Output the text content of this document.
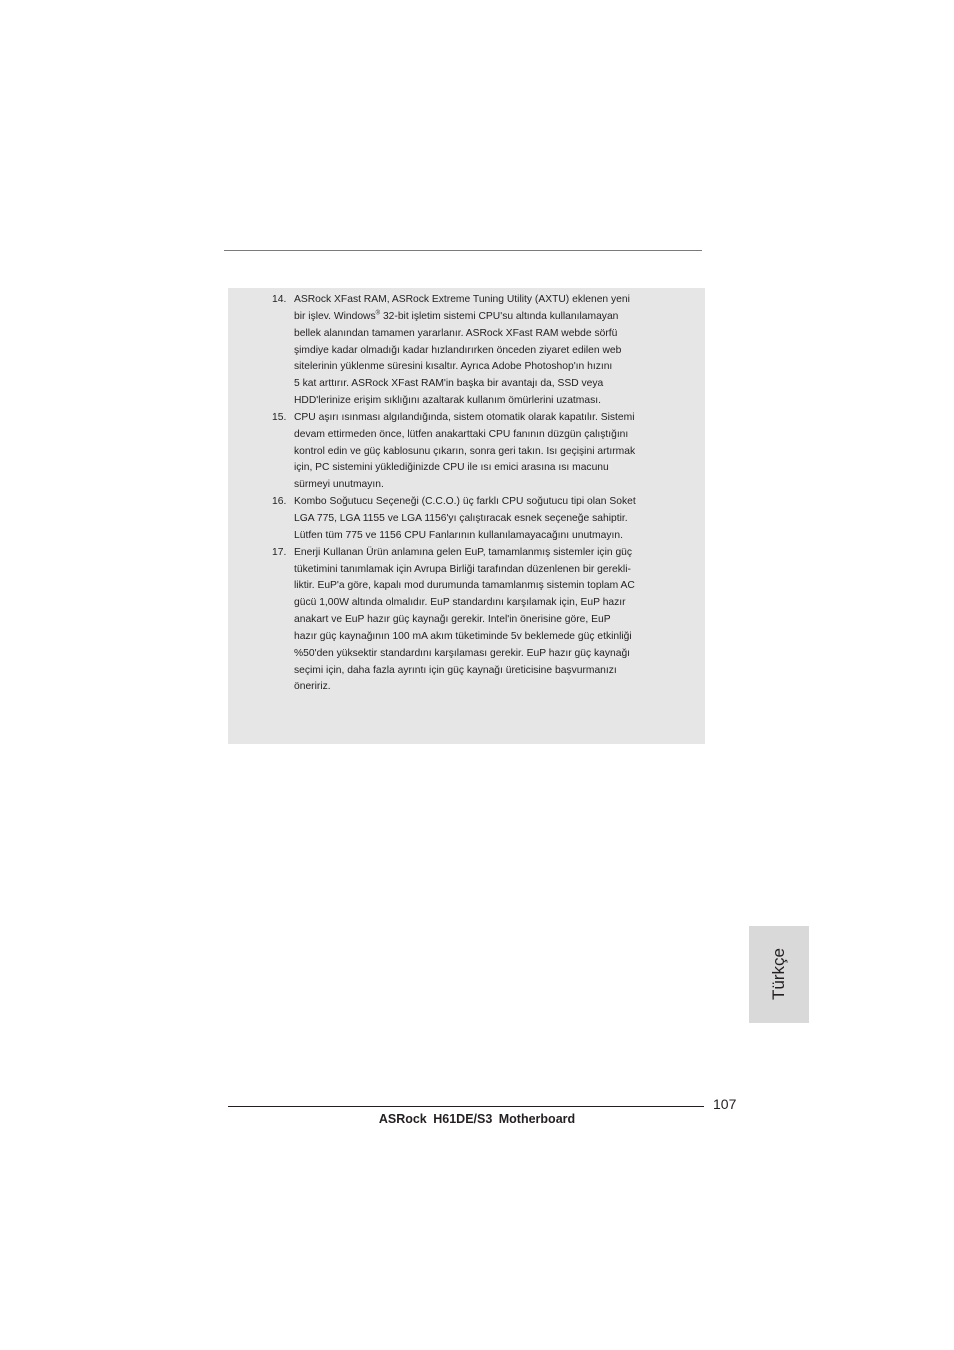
14. ASRock XFast RAM, ASRock Extreme Tuning Utility (AXTU) eklenen yeni
bir işlev. Windows® 32-bit işletim sistemi CPU'su altında kullanılamayan
bellek alanından tamamen yararlanır. ASRock XFast RAM webde sörfü
şimdiye kadar olmadığı kadar hızlandırırken önceden ziyaret edilen web
sitelerinin yüklenme süresini kısaltır. Ayrıca Adobe Photoshop'ın hızını
5 kat arttırır. ASRock XFast RAM'in başka bir avantajı da, SSD veya
HDD'lerinize erişim sıklığını azaltarak kullanım ömürlerini uzatması.
15. CPU aşırı ısınması algılandığında, sistem otomatik olarak kapatılır. Sistemi
devam ettirmeden önce, lütfen anakarttaki CPU fanının düzgün çalıştığını
kontrol edin ve güç kablosunu çıkarın, sonra geri takın. Isı geçişini artırmak
için, PC sistemini yüklediğinizde CPU ile ısı emici arasına ısı macunu
sürmeyi unutmayın.
16. Kombo Soğutucu Seçeneği (C.C.O.) üç farklı CPU soğutucu tipi olan Soket
LGA 775, LGA 1155 ve LGA 1156'yı çalıştıracak esnek seçeneğe sahiptir.
Lütfen tüm 775 ve 1156 CPU Fanlarının kullanılamayacağını unutmayın.
17. Enerji Kullanan Ürün anlamına gelen EuP, tamamlanmış sistemler için güç
tüketimini tanımlamak için Avrupa Birliği tarafından düzenlenen bir gerekli-
liktir. EuP'a göre, kapalı mod durumunda tamamlanmış sistemin toplam AC
gücü 1,00W altında olmalıdır. EuP standardını karşılamak için, EuP hazır
anakart ve EuP hazır güç kaynağı gerekir. Intel'in önerisine göre, EuP
hazır güç kaynağının 100 mA akım tüketiminde 5v beklemede güç etkinliği
%50'den yüksektir standardını karşılaması gerekir. EuP hazır güç kaynağı
seçimi için, daha fazla ayrıntı için güç kaynağı üreticisine başvurmanızı
öneririz.
Türkçe
107
ASRock H61DE/S3 Motherboard
